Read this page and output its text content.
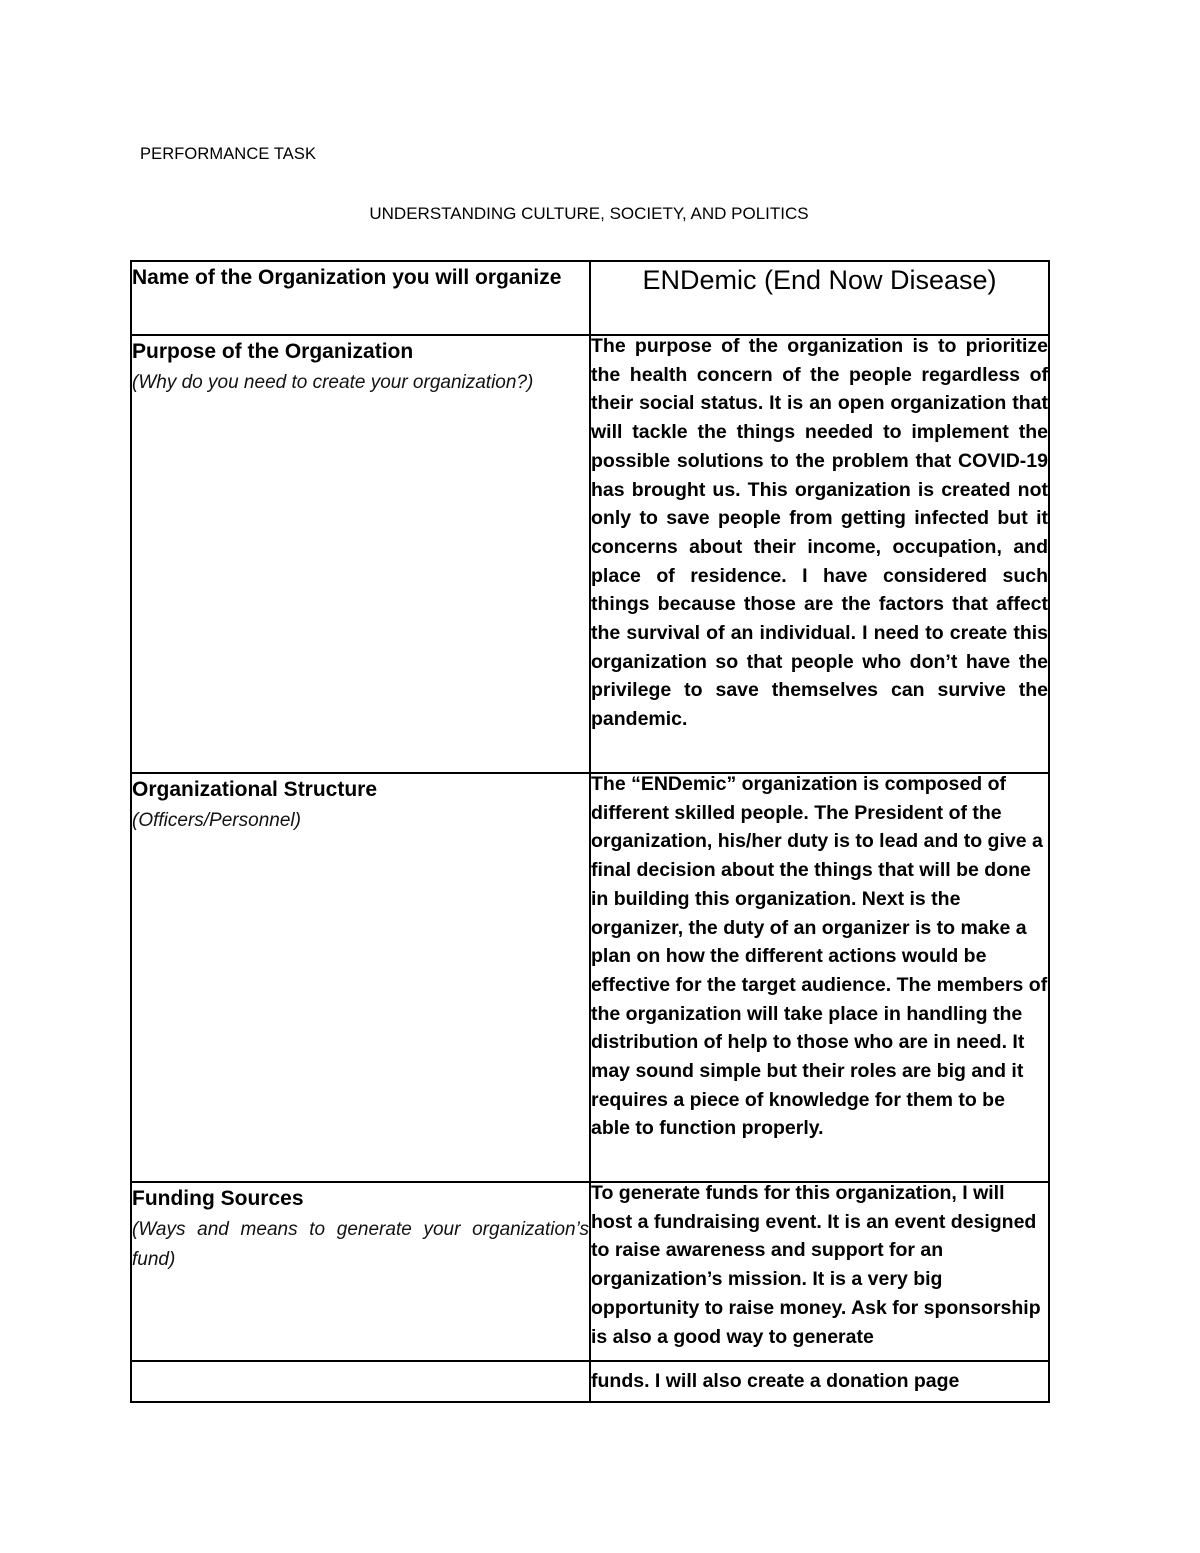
PERFORMANCE TASK

UNDERSTANDING CULTURE, SOCIETY, AND POLITICS
Name of the Organization you will organize	ENDemic (End Now Disease)

Purpose of the Organization
(Why do you need to create your organization?)	The purpose of the organization is to prioritize the health concern of the people regardless of their social status. It is an open organization that will tackle the things needed to implement the possible solutions to the problem that COVID-19 has brought us. This organization is created not only to save people from getting infected but it concerns about their income, occupation, and place of residence. I have considered such things because those are the factors that affect the survival of an individual. I need to create this organization so that people who don’t have the privilege to save themselves can survive the pandemic.

Organizational Structure
(Officers/Personnel)	The “ENDemic” organization is composed of different skilled people. The President of the organization, his/her duty is to lead and to give a final decision about the things that will be done in building this organization. Next is the organizer, the duty of an organizer is to make a plan on how the different actions would be effective for the target audience. The members of the organization will take place in handling the distribution of help to those who are in need. It may sound simple but their roles are big and it requires a piece of knowledge for them to be able to function properly.

Funding Sources
(Ways and means to generate your organization’s fund)	To generate funds for this organization, I will host a fundraising event. It is an event designed to raise awareness and support for an organization’s mission. It is a very big opportunity to raise money. Ask for sponsorship is also a good way to generate

	funds. I will also create a donation page
